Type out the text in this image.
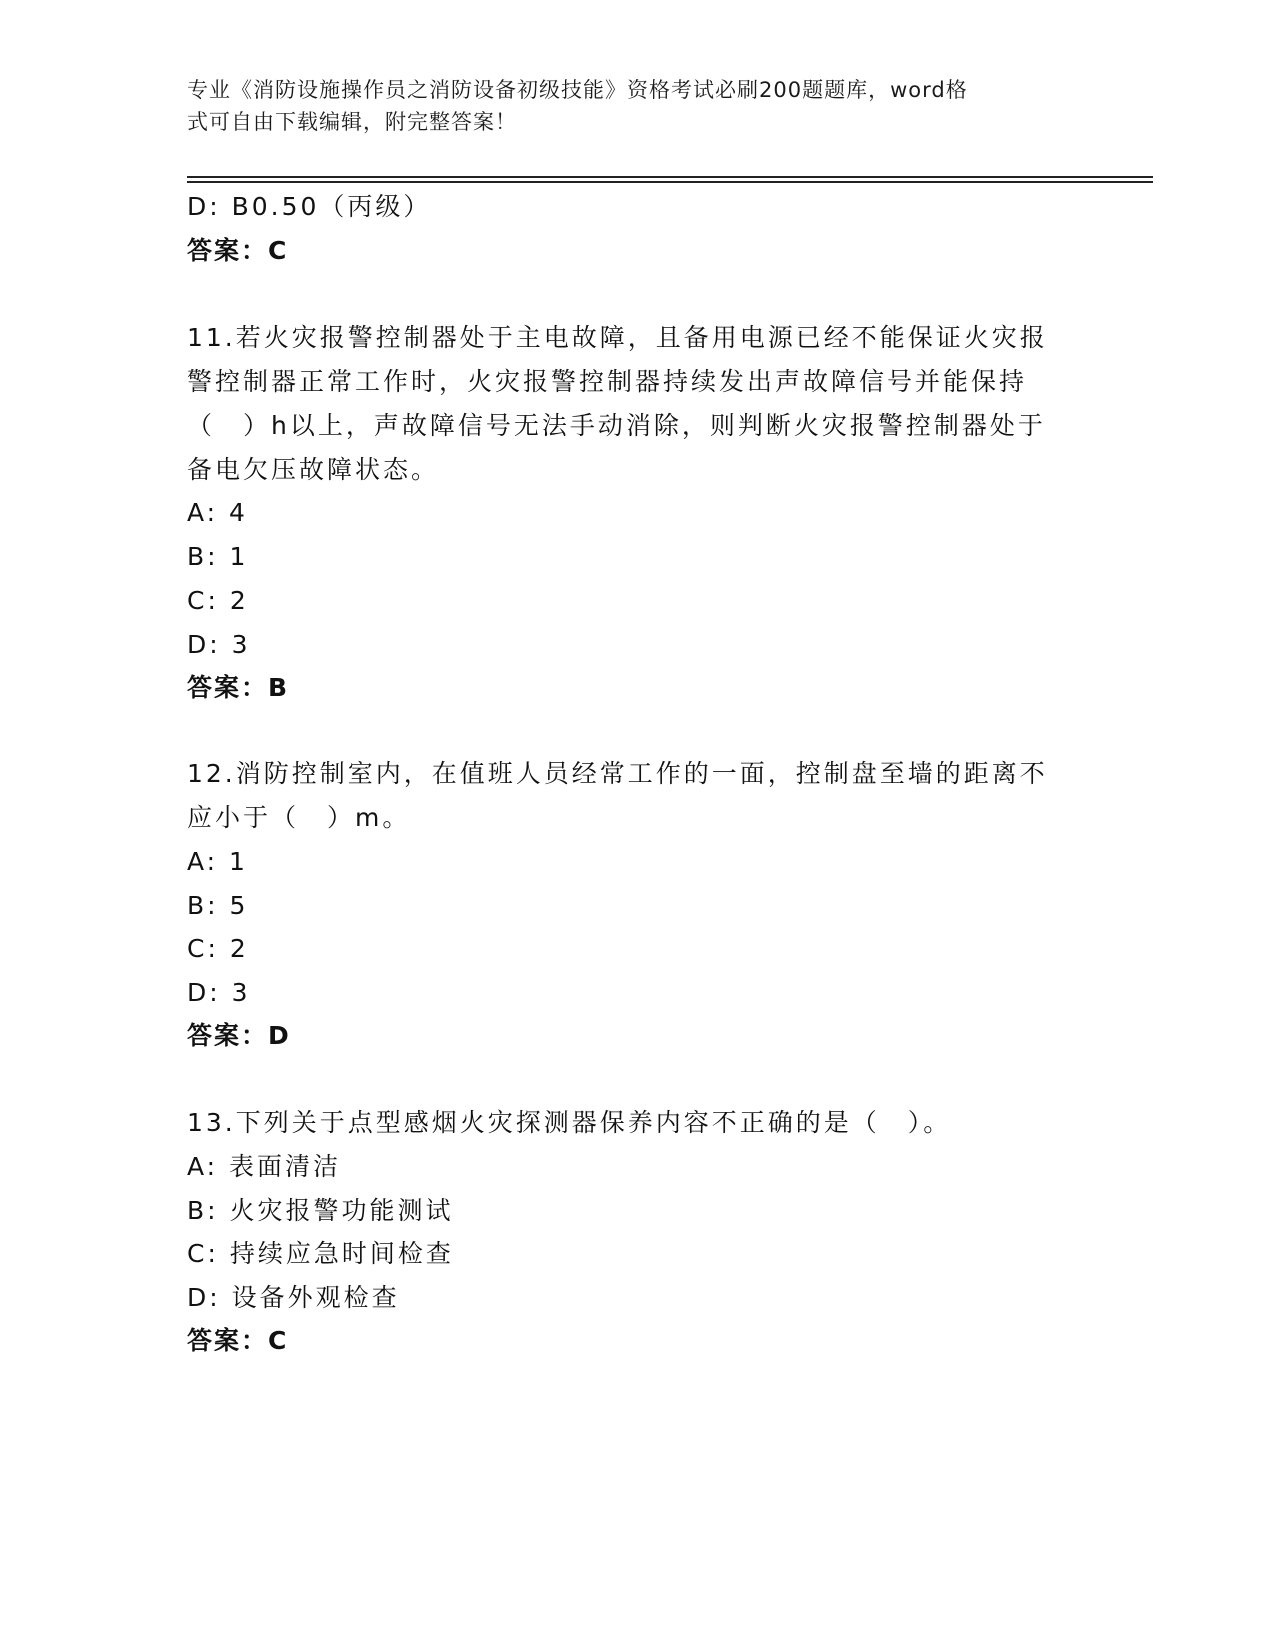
专业《消防设施操作员之消防设备初级技能》资格考试必刷200题题库，word格
式可自由下载编辑，附完整答案！
D: B0.50（丙级）
答案：C
11.若火灾报警控制器处于主电故障，且备用电源已经不能保证火灾报
警控制器正常工作时，火灾报警控制器持续发出声故障信号并能保持
（　）h以上，声故障信号无法手动消除，则判断火灾报警控制器处于
备电欠压故障状态。
A: 4
B: 1
C: 2
D: 3
答案：B
12.消防控制室内，在值班人员经常工作的一面，控制盘至墙的距离不
应小于（　）m。
A: 1
B: 5
C: 2
D: 3
答案：D
13.下列关于点型感烟火灾探测器保养内容不正确的是（　）。
A: 表面清洁
B: 火灾报警功能测试
C: 持续应急时间检查
D: 设备外观检查
答案：C
